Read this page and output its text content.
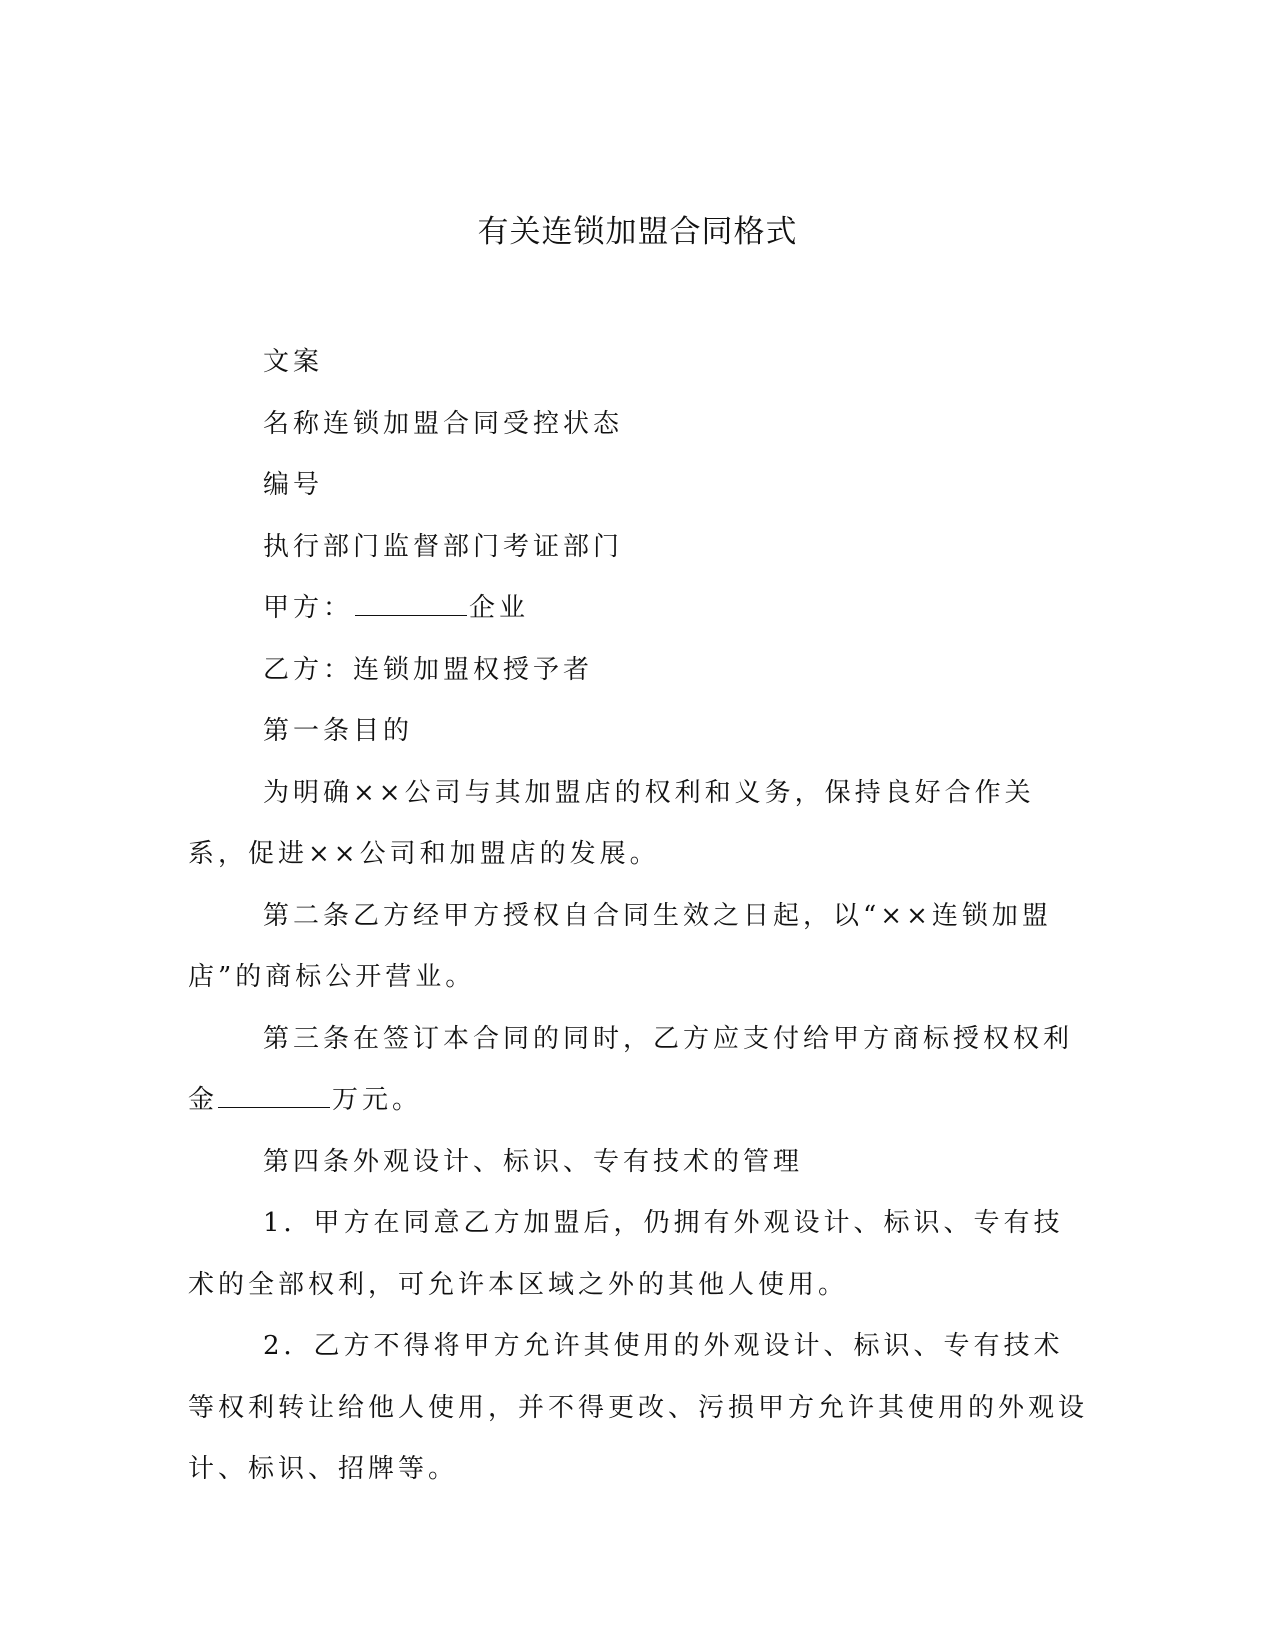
有关连锁加盟合同格式

文案

名称连锁加盟合同受控状态

编号

执行部门监督部门考证部门

甲方：	企业

乙方：连锁加盟权授予者

第一条目的

为明确××公司与其加盟店的权利和义务，保持良好合作关系，促进××公司和加盟店的发展。

第二条乙方经甲方授权自合同生效之日起，以“××连锁加盟店”的商标公开营业。

第三条在签订本合同的同时，乙方应支付给甲方商标授权权利金	万元。

第四条外观设计、标识、专有技术的管理

1．甲方在同意乙方加盟后，仍拥有外观设计、标识、专有技术的全部权利，可允许本区域之外的其他人使用。

2．乙方不得将甲方允许其使用的外观设计、标识、专有技术等权利转让给他人使用，并不得更改、污损甲方允许其使用的外观设计、标识、招牌等。
